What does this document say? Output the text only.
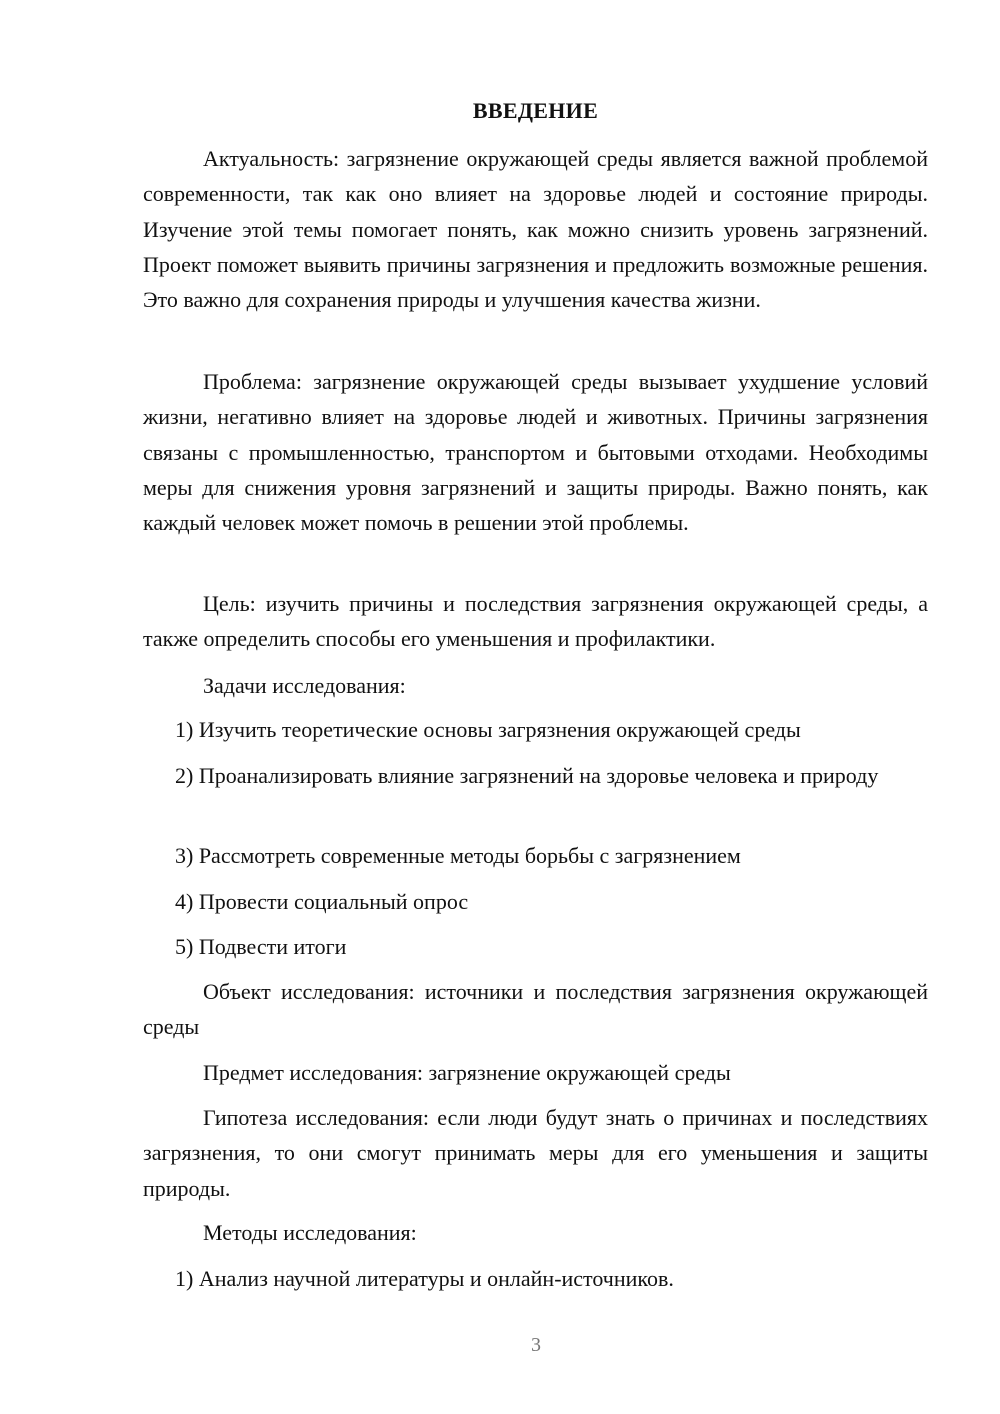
ВВЕДЕНИЕ

Актуальность: загрязнение окружающей среды является важной проблемой современности, так как оно влияет на здоровье людей и состояние природы. Изучение этой темы помогает понять, как можно снизить уровень загрязнений. Проект поможет выявить причины загрязнения и предложить возможные решения. Это важно для сохранения природы и улучшения качества жизни.

Проблема: загрязнение окружающей среды вызывает ухудшение условий жизни, негативно влияет на здоровье людей и животных. Причины загрязнения связаны с промышленностью, транспортом и бытовыми отходами. Необходимы меры для снижения уровня загрязнений и защиты природы. Важно понять, как каждый человек может помочь в решении этой проблемы.

Цель: изучить причины и последствия загрязнения окружающей среды, а также определить способы его уменьшения и профилактики.

Задачи исследования:

1) Изучить теоретические основы загрязнения окружающей среды

2) Проанализировать влияние загрязнений на здоровье человека и природу

3) Рассмотреть современные методы борьбы с загрязнением

4) Провести социальный опрос

5) Подвести итоги

Объект исследования: источники и последствия загрязнения окружающей среды

Предмет исследования: загрязнение окружающей среды

Гипотеза исследования: если люди будут знать о причинах и последствиях загрязнения, то они смогут принимать меры для его уменьшения и защиты природы.

Методы исследования:

1) Анализ научной литературы и онлайн-источников.

3
